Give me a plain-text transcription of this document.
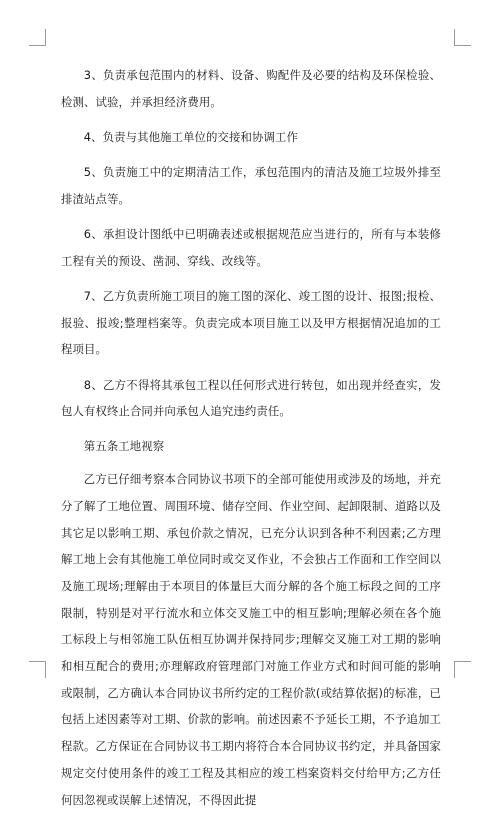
3、负责承包范围内的材料、设备、购配件及必要的结构及环保检验、检测、试验，并承担经济费用。

4、负责与其他施工单位的交接和协调工作

5、负责施工中的定期清洁工作，承包范围内的清洁及施工垃圾外排至排渣站点等。

6、承担设计图纸中已明确表述或根据规范应当进行的，所有与本装修工程有关的预设、凿洞、穿线、改线等。

7、乙方负责所施工项目的施工图的深化、竣工图的设计、报图;报检、报验、报竣;整理档案等。负责完成本项目施工以及甲方根据情况追加的工程项目。

8、乙方不得将其承包工程以任何形式进行转包，如出现并经查实，发包人有权终止合同并向承包人追究违约责任。

第五条工地视察

乙方已仔细考察本合同协议书项下的全部可能使用或涉及的场地，并充分了解了工地位置、周围环境、储存空间、作业空间、起卸限制、道路以及其它足以影响工期、承包价款之情况，已充分认识到各种不利因素;乙方理解工地上会有其他施工单位同时或交叉作业，不会独占工作面和工作空间以及施工现场;理解由于本项目的体量巨大而分解的各个施工标段之间的工序限制，特别是对平行流水和立体交叉施工中的相互影响;理解必须在各个施工标段上与相邻施工队伍相互协调并保持同步;理解交叉施工对工期的影响和相互配合的费用;亦理解政府管理部门对施工作业方式和时间可能的影响或限制，乙方确认本合同协议书所约定的工程价款(或结算依据)的标准，已包括上述因素等对工期、价款的影响。前述因素不予延长工期，不予追加工程款。乙方保证在合同协议书工期内将符合本合同协议书约定，并具备国家规定交付使用条件的竣工工程及其相应的竣工档案资料交付给甲方;乙方任何因忽视或误解上述情况，不得因此提
